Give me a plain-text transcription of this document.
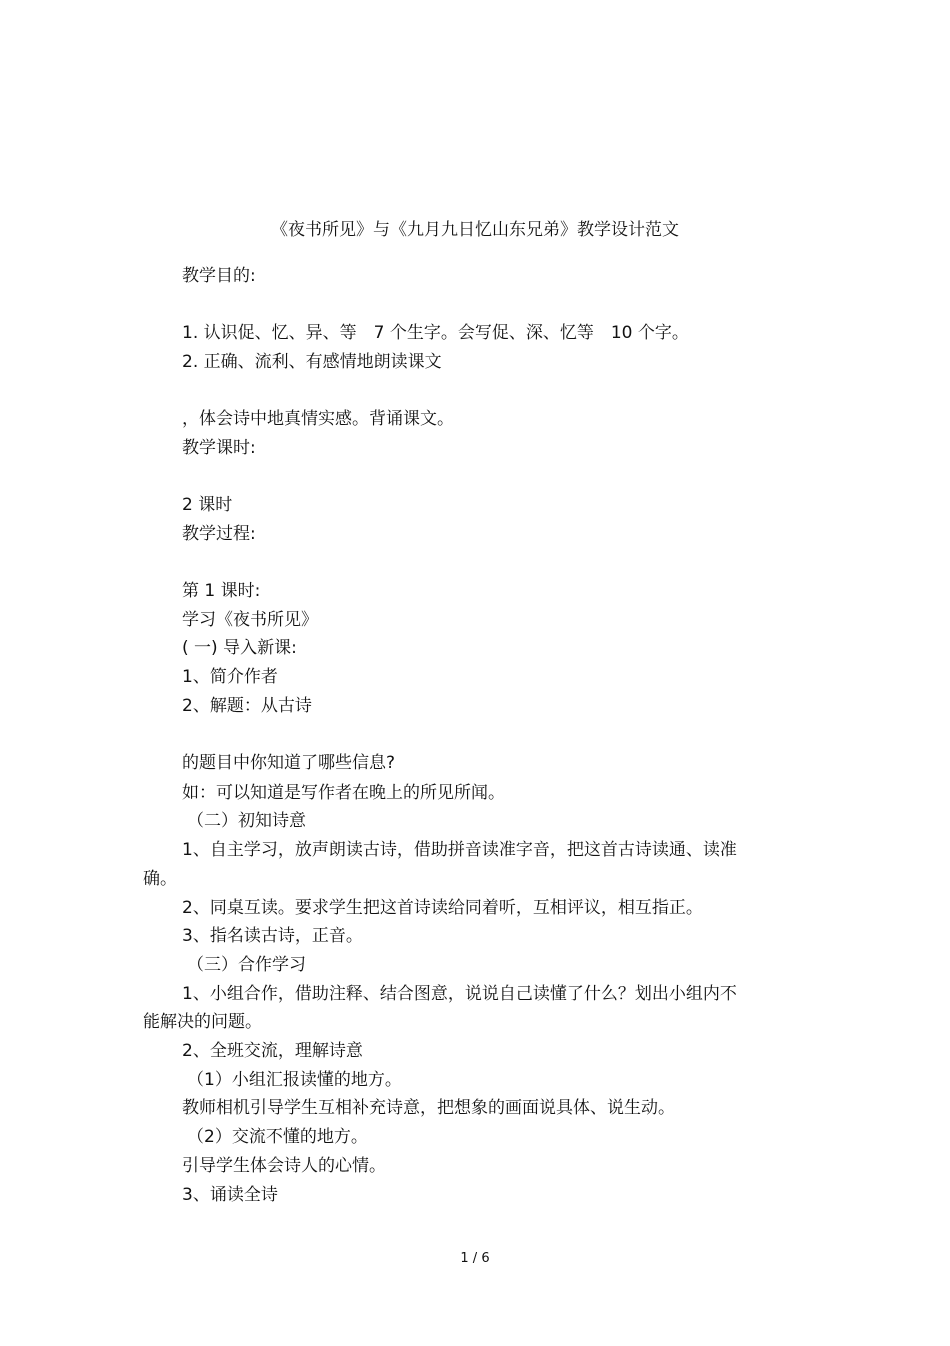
《夜书所见》与《九月九日忆山东兄弟》教学设计范文
教学目的:
1. 认识促、忆、异、等　7 个生字。会写促、深、忆等　10 个字。
2. 正确、流利、有感情地朗读课文
，体会诗中地真情实感。背诵课文。
教学课时:
2 课时
教学过程:
第 1 课时:
学习《夜书所见》
( 一) 导入新课:
1、简介作者
2、解题：从古诗
的题目中你知道了哪些信息?
如：可以知道是写作者在晚上的所见所闻。
（二）初知诗意
1、自主学习，放声朗读古诗，借助拼音读准字音，把这首古诗读通、读准
确。
2、同桌互读。要求学生把这首诗读给同着听，互相评议，相互指正。
3、指名读古诗，正音。
（三）合作学习
1、小组合作，借助注释、结合图意，说说自己读懂了什么？划出小组内不
能解决的问题。
2、全班交流，理解诗意
（1）小组汇报读懂的地方。
教师相机引导学生互相补充诗意，把想象的画面说具体、说生动。
（2）交流不懂的地方。
引导学生体会诗人的心情。
3、诵读全诗
1 / 6
